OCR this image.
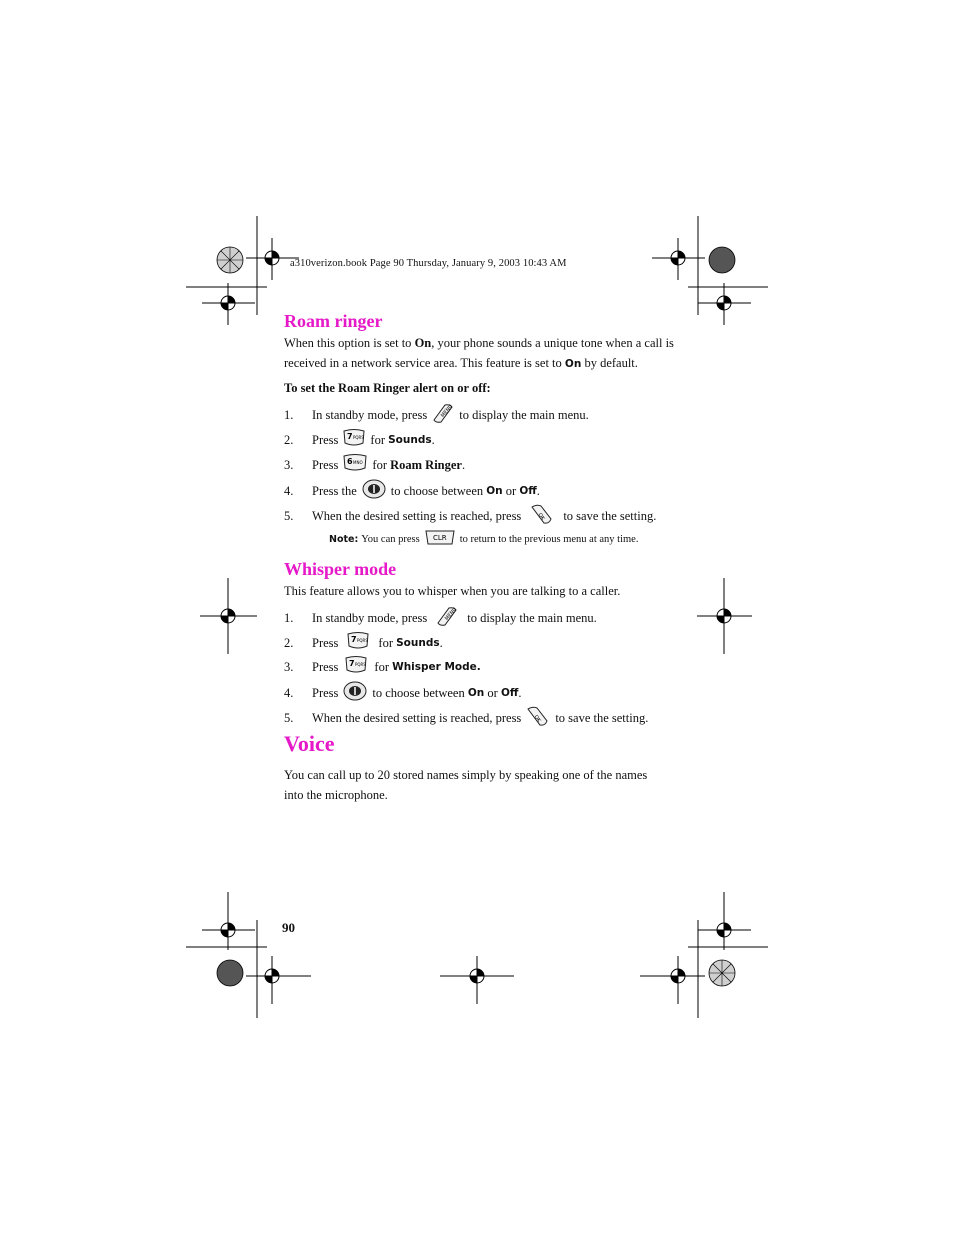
a310verizon.book Page 90 Thursday, January 9, 2003 10:43 AM
Roam ringer

When this option is set to On, your phone sounds a unique tone when a call is received in a network service area. This feature is set to On by default.

To set the Roam Ringer alert on or off:
1.	In standby mode, press	MENU to display the main menu.
2.	Press 7 PQRS for
Sounds .
3.	Press 6 MNO for
Roam Ringer .
4.	Press the	to choose between
On
or
Off .
5.	When the desired setting is reached, press	OK to save the setting.
Note: You can press CLR to return to the previous menu at any time.
Whisper mode

This feature allows you to whisper when you are talking to a caller.

1.	In standby mode, press	MENU to display the main menu.
2.	Press 7 PQRS for
Sounds .
3.	Press 7 PQRS for
Whisper Mode.
4.	Press	to choose between
On
or
Off .
5.	When the desired setting is reached, press OK to save the setting.
Voice

You can call up to 20 stored names simply by speaking one of the names into the microphone.

90
